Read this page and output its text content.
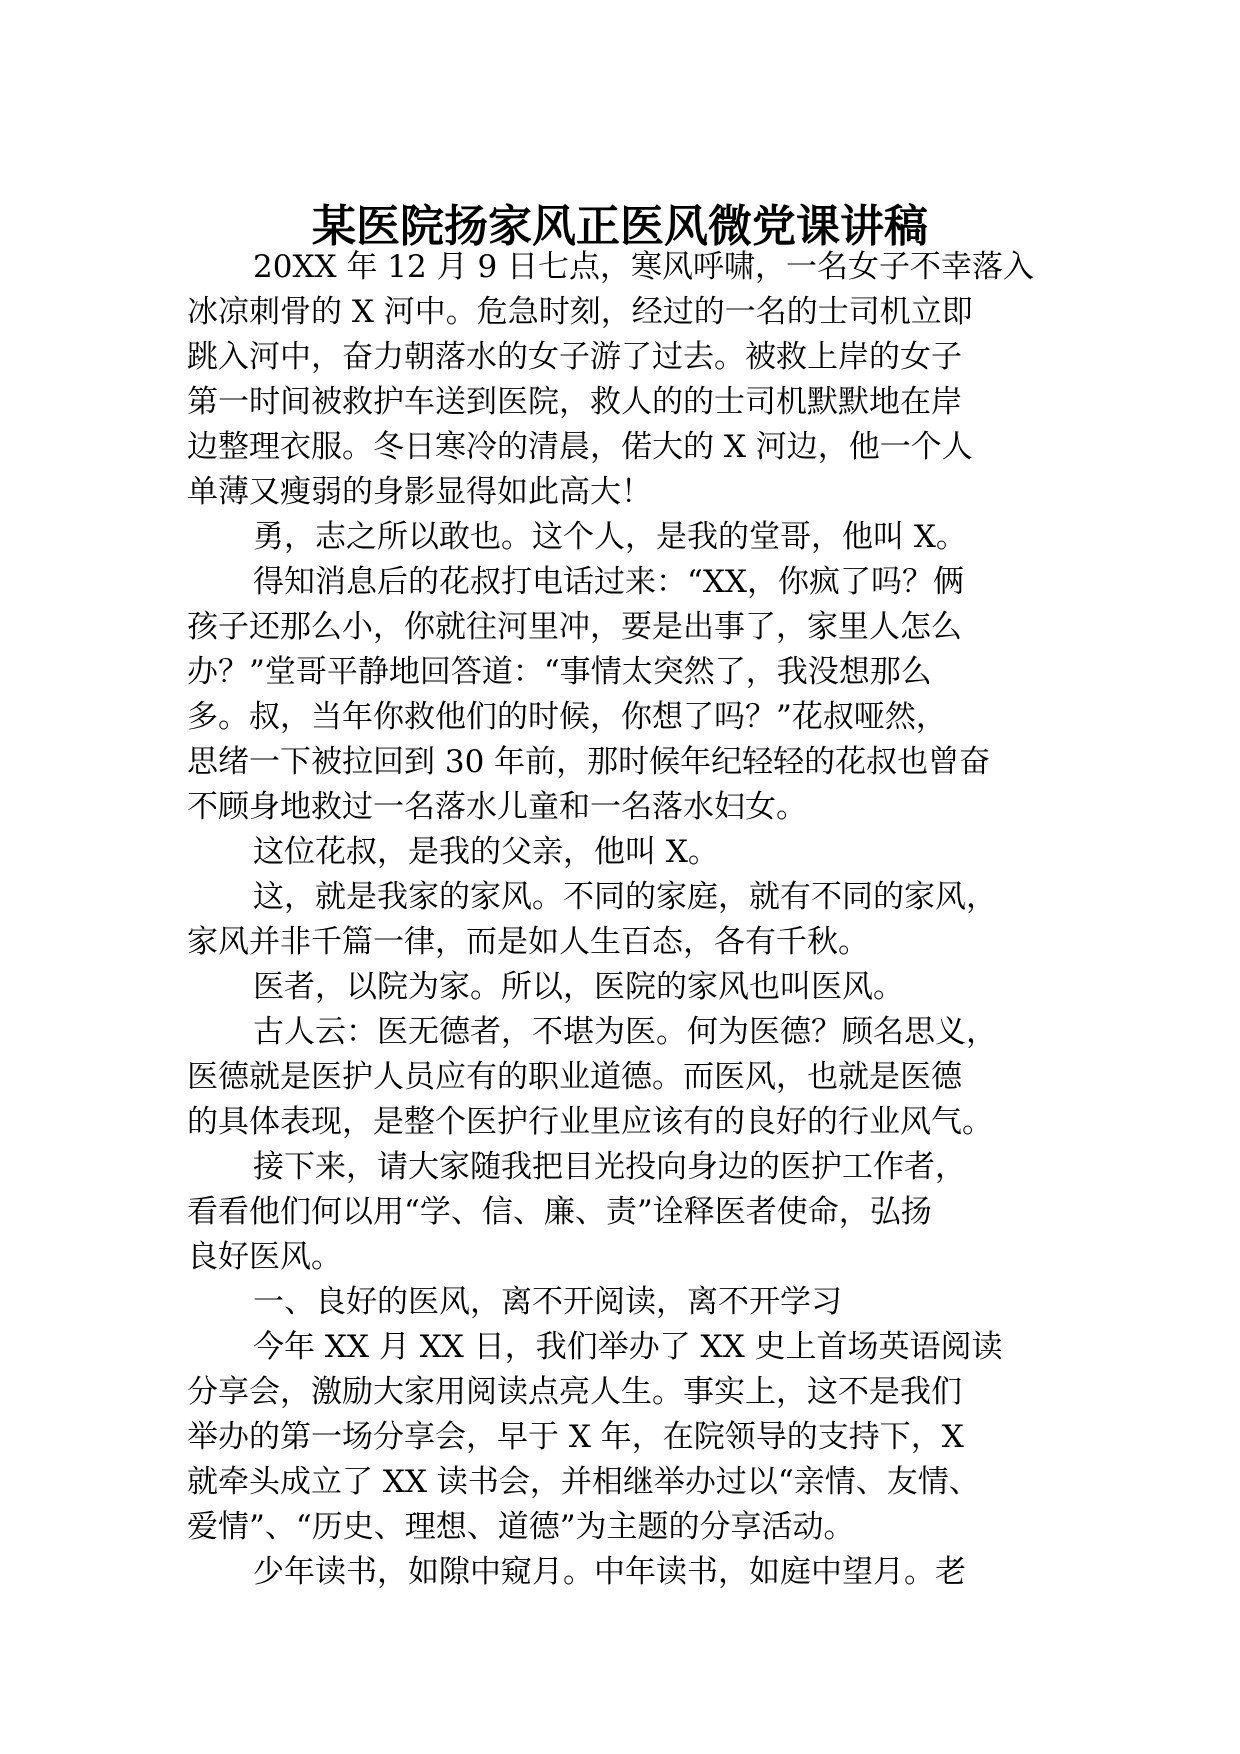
某医院扬家风正医风微党课讲稿
20XX 年 12 月 9 日七点，寒风呼啸，一名女子不幸落入
冰凉刺骨的 X 河中。危急时刻，经过的一名的士司机立即
跳入河中，奋力朝落水的女子游了过去。被救上岸的女子
第一时间被救护车送到医院，救人的的士司机默默地在岸
边整理衣服。冬日寒冷的清晨，偌大的 X 河边，他一个人
单薄又瘦弱的身影显得如此高大！
勇，志之所以敢也。这个人，是我的堂哥，他叫 X。
得知消息后的花叔打电话过来：“XX，你疯了吗？俩
孩子还那么小，你就往河里冲，要是出事了，家里人怎么
办？”堂哥平静地回答道：“事情太突然了，我没想那么
多。叔，当年你救他们的时候，你想了吗？”花叔哑然，
思绪一下被拉回到 30 年前，那时候年纪轻轻的花叔也曾奋
不顾身地救过一名落水儿童和一名落水妇女。
这位花叔，是我的父亲，他叫 X。
这，就是我家的家风。不同的家庭，就有不同的家风，
家风并非千篇一律，而是如人生百态，各有千秋。
医者，以院为家。所以，医院的家风也叫医风。
古人云：医无德者，不堪为医。何为医德？顾名思义，
医德就是医护人员应有的职业道德。而医风，也就是医德
的具体表现，是整个医护行业里应该有的良好的行业风气。
接下来，请大家随我把目光投向身边的医护工作者，
看看他们何以用“学、信、廉、责”诠释医者使命，弘扬
良好医风。
一、良好的医风，离不开阅读，离不开学习
今年 XX 月 XX 日，我们举办了 XX 史上首场英语阅读
分享会，激励大家用阅读点亮人生。事实上，这不是我们
举办的第一场分享会，早于 X 年，在院领导的支持下，X
就牵头成立了 XX 读书会，并相继举办过以“亲情、友情、
爱情”、“历史、理想、道德”为主题的分享活动。
少年读书，如隙中窥月。中年读书，如庭中望月。老
